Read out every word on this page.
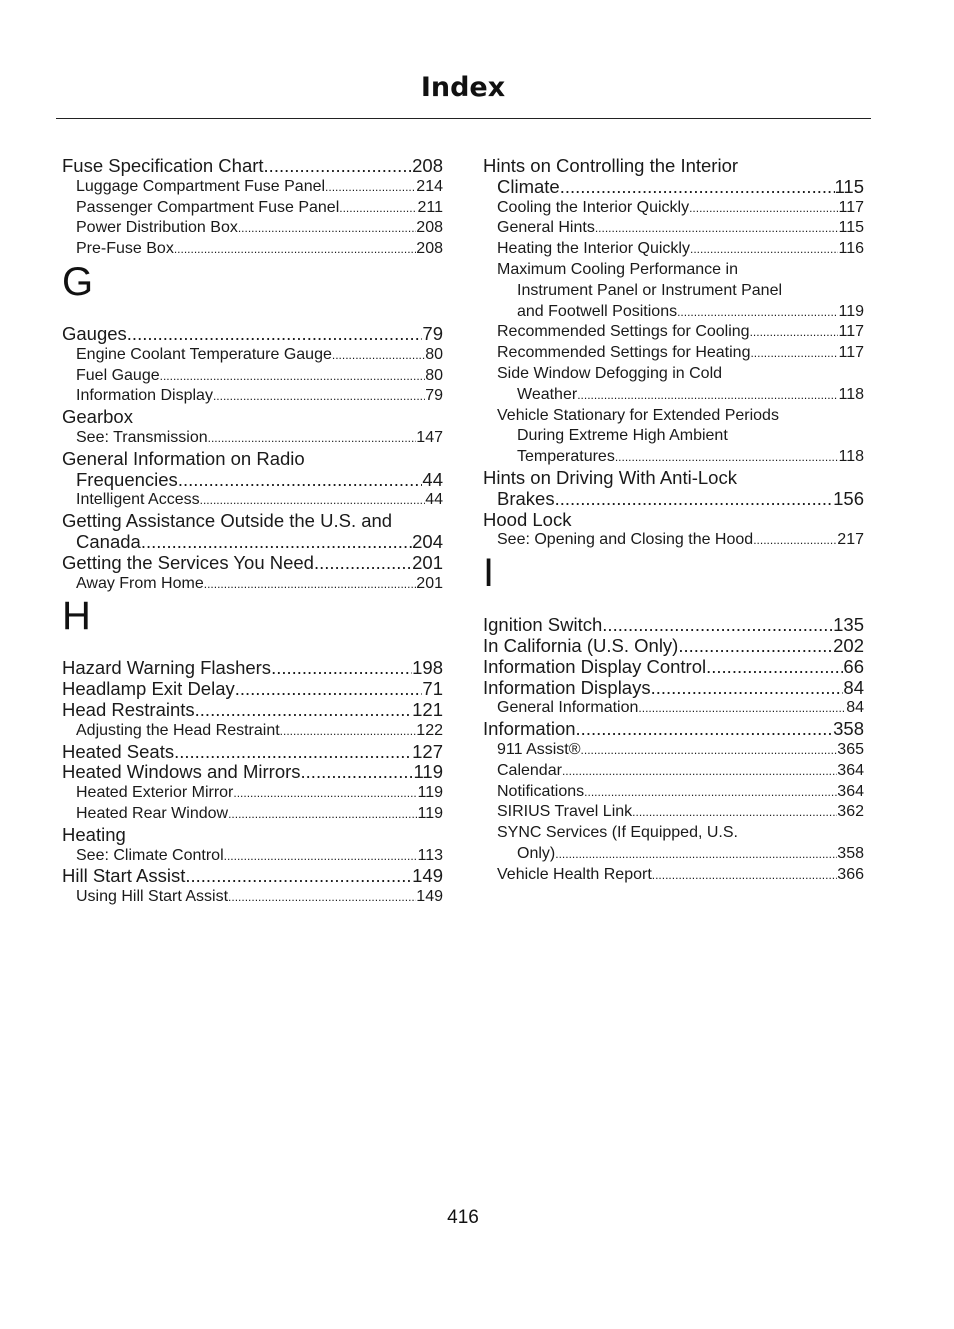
Index
Fuse Specification Chart .....	208
Luggage Compartment Fuse Panel .....	214
Passenger Compartment Fuse Panel .....	211
Power Distribution Box .....	208
Pre-Fuse Box .....	208
G
Gauges .....	79
Engine Coolant Temperature Gauge .....	80
Fuel Gauge .....	80
Information Display .....	79
Gearbox
See: Transmission .....	147
General Information on Radio
Frequencies .....	44
Intelligent Access .....	44
Getting Assistance Outside the U.S. and
Canada .....	204
Getting the Services You Need .....	201
Away From Home .....	201
H
Hazard Warning Flashers .....	198
Headlamp Exit Delay .....	71
Head Restraints .....	121
Adjusting the Head Restraint .....	122
Heated Seats .....	127
Heated Windows and Mirrors .....	119
Heated Exterior Mirror .....	119
Heated Rear Window .....	119
Heating
See: Climate Control .....	113
Hill Start Assist .....	149
Using Hill Start Assist .....	149
Hints on Controlling the Interior
Climate .....	115
Cooling the Interior Quickly .....	117
General Hints .....	115
Heating the Interior Quickly .....	116
Maximum Cooling Performance in
Instrument Panel or Instrument Panel
and Footwell Positions .....	119
Recommended Settings for Cooling .....	117
Recommended Settings for Heating .....	117
Side Window Defogging in Cold
Weather .....	118
Vehicle Stationary for Extended Periods
During Extreme High Ambient
Temperatures .....	118
Hints on Driving With Anti-Lock
Brakes .....	156
Hood Lock
See: Opening and Closing the Hood .....	217
I
Ignition Switch .....	135
In California (U.S. Only) .....	202
Information Display Control .....	66
Information Displays .....	84
General Information .....	84
Information .....	358
911 Assist® .....	365
Calendar .....	364
Notifications .....	364
SIRIUS Travel Link .....	362
SYNC Services (If Equipped, U.S.
Only) .....	358
Vehicle Health Report .....	366
416
